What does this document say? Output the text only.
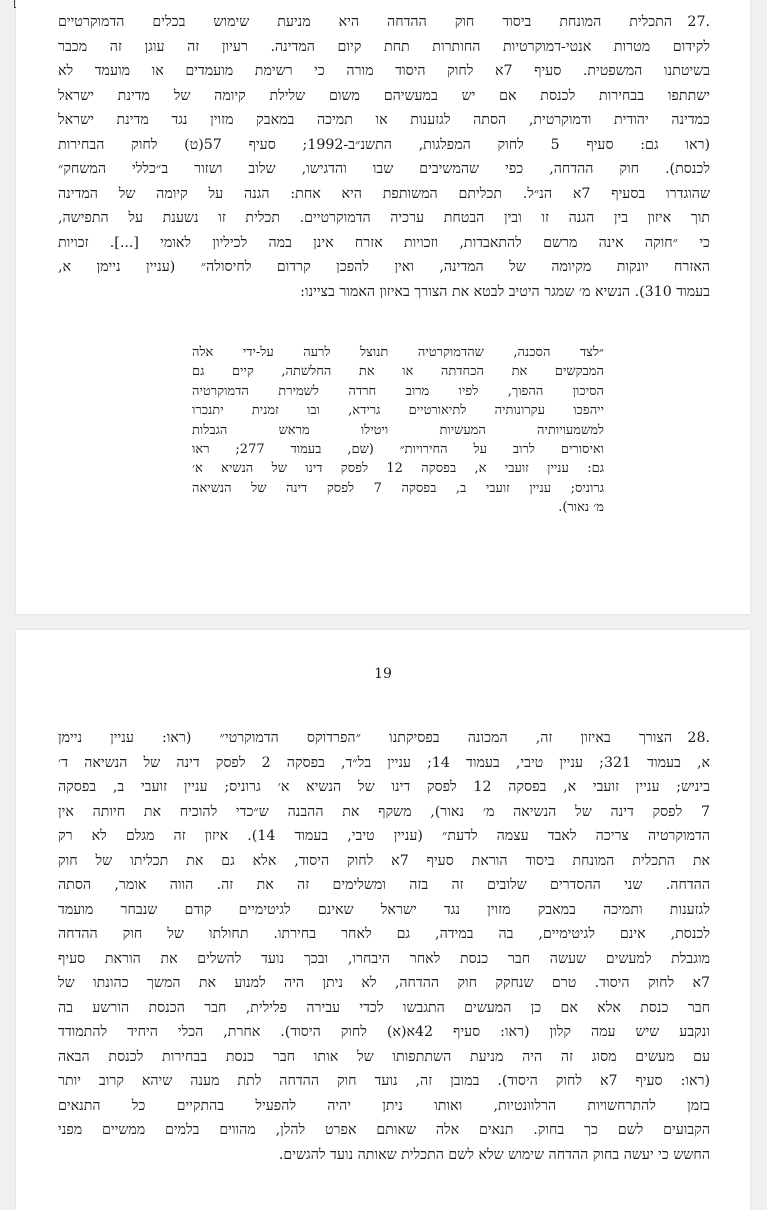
.27התכלית המונחת ביסוד חוק ההדחה היא מניעת שימוש בכלים הדמוקרטיים
לקידום מטרות אנטי-דמוקרטיות החותרות תחת קיום המדינה. רעיון זה עוגן זה מכבר
בשיטתנו המשפטית. סעיף 7א לחוק היסוד מורה כי רשימת מועמדים או מועמד לא
ישתתפו בבחירות לכנסת אם יש במעשיהם משום שלילת קיומה של מדינת ישראל
כמדינה יהודית ודמוקרטית, הסתה לגזענות או תמיכה במאבק מזוין נגד מדינת ישראל
(ראו גם: סעיף 5 לחוק המפלגות, התשנ״ב-1992; סעיף 57(ט) לחוק הבחירות
לכנסת). חוק ההדחה, כפי שהמשיבים שבו והדגישו, שלוב ושזור ב״כללי המשחק״
שהוגדרו בסעיף 7א הנ״ל. תכליתם המשותפת היא אחת: הגנה על קיומה של המדינה
תוך איזון בין הגנה זו ובין הבטחת ערכיה הדמוקרטיים. תכלית זו נשענת על התפישה,
כי ״חוקה אינה מרשם להתאבדות, וזכויות אזרח אינן במה לכיליון לאומי [...]. זכויות
האזרח יונקות מקיומה של המדינה, ואין להפכן קרדום לחיסולה״ (עניין ניימן א,
בעמוד 310). הנשיא מ׳ שמגר היטיב לבטא את הצורך באיזון האמור בציינו:
״לצד הסכנה, שהדמוקרטיה תנוצל לרעה על-ידי אלה
המבקשים את הכחדתה או את החלשתה, קיים גם
הסיכון ההפוך, לפיו מרוב חרדה לשמירת הדמוקרטיה
ייהפכו עקרונותיה לתיאורטיים גרידא, ובו זמנית יתנכרו
למשמעויותיה המעשיות ויטילו מראש הגבלות
ואיסורים לרוב על החירויות״ (שם, בעמוד 277; ראו
גם: עניין זועבי א, בפסקה 12 לפסק דינו של הנשיא א׳
גרוניס; עניין זועבי ב, בפסקה 7 לפסק דינה של הנשיאה
מ׳ נאור).
19
.28הצורך באיזון זה, המכונה בפסיקתנו ״הפרדוקס הדמוקרטי״ (ראו: עניין ניימן
א, בעמוד 321; עניין טיבי, בעמוד 14; עניין בל״ד, בפסקה 2 לפסק דינה של הנשיאה ד׳
ביניש; עניין זועבי א, בפסקה 12 לפסק דינו של הנשיא א׳ גרוניס; עניין זועבי ב, בפסקה
7 לפסק דינה של הנשיאה מ׳ נאור), משקף את ההבנה ש״כדי להוכיח את חיותה אין
הדמוקרטיה צריכה לאבד עצמה לדעת״ (עניין טיבי, בעמוד 14). איזון זה מגלם לא רק
את התכלית המונחת ביסוד הוראת סעיף 7א לחוק היסוד, אלא גם את תכליתו של חוק
ההדחה. שני ההסדרים שלובים זה בזה ומשלימים זה את זה. הווה אומר, הסתה
לגזענות ותמיכה במאבק מזוין נגד ישראל שאינם לגיטימיים קודם שנבחר מועמד
לכנסת, אינם לגיטימיים, בה במידה, גם לאחר בחירתו. תחולתו של חוק ההדחה
מוגבלת למעשים שעשה חבר כנסת לאחר היבחרו, ובכך נועד להשלים את הוראת סעיף
7א לחוק היסוד. טרם שנחקק חוק ההדחה, לא ניתן היה למנוע את המשך כהונתו של
חבר כנסת אלא אם כן המעשים התגבשו לכדי עבירה פלילית, חבר הכנסת הורשע בה
ונקבע שיש עמה קלון (ראו: סעיף 42א(א) לחוק היסוד). אחרת, הכלי היחיד להתמודד
עם מעשים מסוג זה היה מניעת השתתפותו של אותו חבר כנסת בבחירות לכנסת הבאה
(ראו: סעיף 7א לחוק היסוד). במובן זה, נועד חוק ההדחה לתת מענה שיהא קרוב יותר
בזמן להתרחשויות הרלוונטיות, ואותו ניתן יהיה להפעיל בהתקיים כל התנאים
הקבועים לשם כך בחוק. תנאים אלה שאותם אפרט להלן, מהווים בלמים ממשיים מפני
החשש כי יעשה בחוק ההדחה שימוש שלא לשם התכלית שאותה נועד להגשים.
